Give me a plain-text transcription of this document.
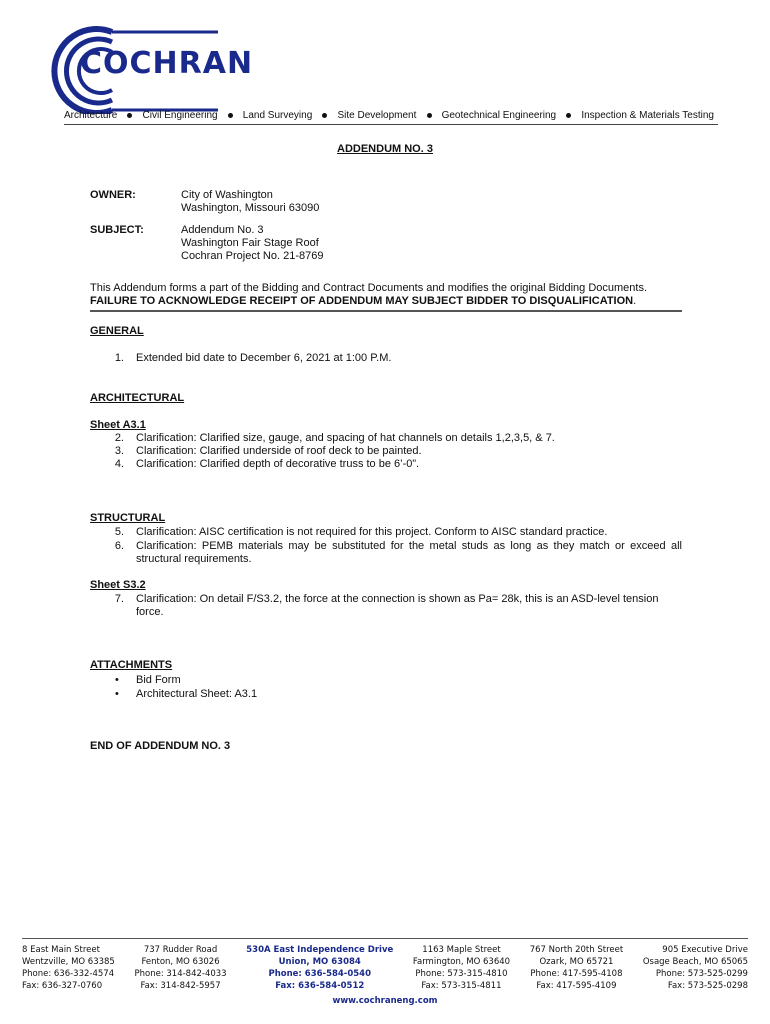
COCHRAN
Architecture	Civil Engineering	Land Surveying	Site Development	Geotechnical Engineering	Inspection & Materials Testing
ADDENDUM NO. 3
OWNER:	City of Washington
Washington, Missouri 63090
SUBJECT:	Addendum No. 3
Washington Fair Stage Roof
Cochran Project No. 21-8769
This Addendum forms a part of the Bidding and Contract Documents and modifies the original Bidding Documents.
FAILURE TO ACKNOWLEDGE RECEIPT OF ADDENDUM MAY SUBJECT BIDDER TO DISQUALIFICATION.
GENERAL
1. Extended bid date to December 6, 2021 at 1:00 P.M.
ARCHITECTURAL
Sheet A3.1
2. Clarification: Clarified size, gauge, and spacing of hat channels on details 1,2,3,5, & 7.
3. Clarification: Clarified underside of roof deck to be painted.
4. Clarification: Clarified depth of decorative truss to be 6’-0”.
STRUCTURAL
5. Clarification: AISC certification is not required for this project. Conform to AISC standard practice.
6. Clarification: PEMB materials may be substituted for the metal studs as long as they match or exceed all structural requirements.
Sheet S3.2
7. Clarification: On detail F/S3.2, the force at the connection is shown as Pa= 28k, this is an ASD-level tension force.
ATTACHMENTS
• Bid Form
• Architectural Sheet: A3.1
END OF ADDENDUM NO. 3
8 East Main Street
Wentzville, MO 63385
Phone: 636-332-4574
Fax: 636-327-0760
737 Rudder Road
Fenton, MO 63026
Phone: 314-842-4033
Fax: 314-842-5957
530A East Independence Drive
Union, MO 63084
Phone: 636-584-0540
Fax: 636-584-0512
1163 Maple Street
Farmington, MO 63640
Phone: 573-315-4810
Fax: 573-315-4811
767 North 20th Street
Ozark, MO 65721
Phone: 417-595-4108
Fax: 417-595-4109
905 Executive Drive
Osage Beach, MO 65065
Phone: 573-525-0299
Fax: 573-525-0298
www.cochraneng.com
